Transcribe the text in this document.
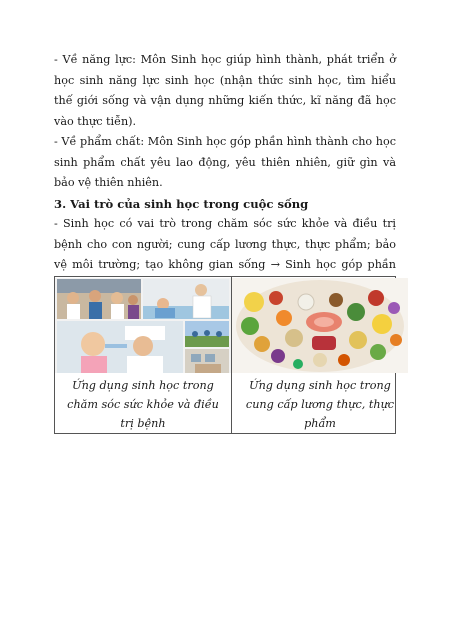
- Về năng lực: Môn Sinh học giúp hình thành, phát triển ở học sinh năng lực sinh học (nhận thức sinh học, tìm hiểu thế giới sống và vận dụng những kiến thức, kĩ năng đã học vào thực tiễn).

- Về phẩm chất: Môn Sinh học góp phần hình thành cho học sinh phẩm chất yêu lao động, yêu thiên nhiên, giữ gìn và bảo vệ thiên nhiên.

3. Vai trò của sinh học trong cuộc sống

- Sinh học có vai trò trong chăm sóc sức khỏe và điều trị bệnh cho con người; cung cấp lương thực, thực phẩm; bảo vệ môi trường; tạo không gian sống → Sinh học góp phần

Ứng dụng sinh học trong chăm sóc sức khỏe và điều trị bệnh
Ứng dụng sinh học trong cung cấp lương thực, thực phẩm
